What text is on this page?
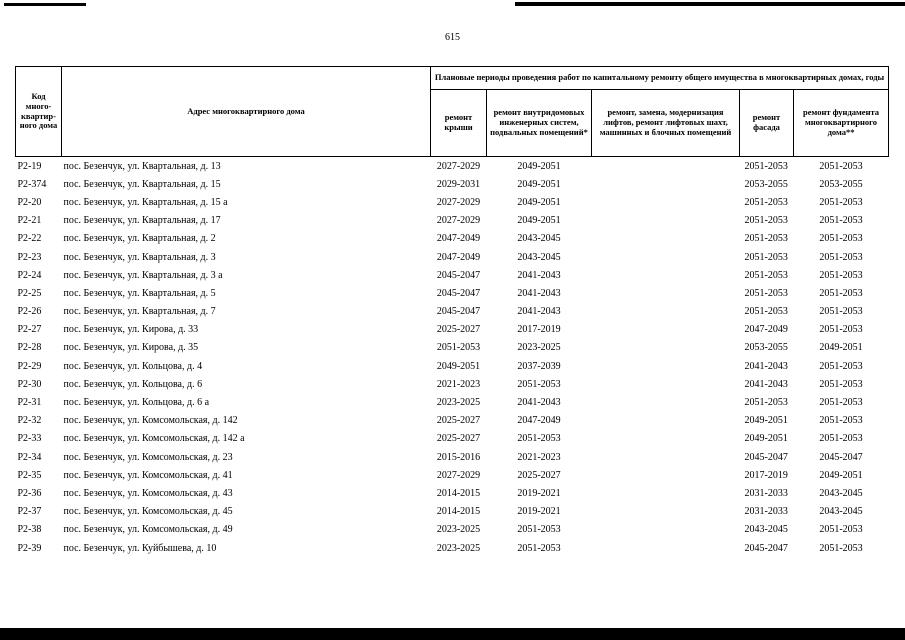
615
Код много-квартир-ного дома	Адрес многоквартирного дома	Плановые периоды проведения работ по капитальному ремонту общего имущества в многоквартирных домах, годы				
		ремонт крыши	ремонт внутридомовых инженерных систем, подвальных помещений*	ремонт, замена, модернизация лифтов, ремонт лифтовых шахт, машинных и блочных помещений	ремонт фасада	ремонт фундамента многоквартирного дома**
P2-19	пос. Безенчук, ул. Квартальная, д. 13	2027-2029	2049-2051		2051-2053	2051-2053
P2-374	пос. Безенчук, ул. Квартальная, д. 15	2029-2031	2049-2051		2053-2055	2053-2055
P2-20	пос. Безенчук, ул. Квартальная, д. 15 а	2027-2029	2049-2051		2051-2053	2051-2053
P2-21	пос. Безенчук, ул. Квартальная, д. 17	2027-2029	2049-2051		2051-2053	2051-2053
P2-22	пос. Безенчук, ул. Квартальная, д. 2	2047-2049	2043-2045		2051-2053	2051-2053
P2-23	пос. Безенчук, ул. Квартальная, д. 3	2047-2049	2043-2045		2051-2053	2051-2053
P2-24	пос. Безенчук, ул. Квартальная, д. 3 а	2045-2047	2041-2043		2051-2053	2051-2053
P2-25	пос. Безенчук, ул. Квартальная, д. 5	2045-2047	2041-2043		2051-2053	2051-2053
P2-26	пос. Безенчук, ул. Квартальная, д. 7	2045-2047	2041-2043		2051-2053	2051-2053
P2-27	пос. Безенчук, ул. Кирова, д. 33	2025-2027	2017-2019		2047-2049	2051-2053
P2-28	пос. Безенчук, ул. Кирова, д. 35	2051-2053	2023-2025		2053-2055	2049-2051
P2-29	пос. Безенчук, ул. Кольцова, д. 4	2049-2051	2037-2039		2041-2043	2051-2053
P2-30	пос. Безенчук, ул. Кольцова, д. 6	2021-2023	2051-2053		2041-2043	2051-2053
P2-31	пос. Безенчук, ул. Кольцова, д. 6 а	2023-2025	2041-2043		2051-2053	2051-2053
P2-32	пос. Безенчук, ул. Комсомольская, д. 142	2025-2027	2047-2049		2049-2051	2051-2053
P2-33	пос. Безенчук, ул. Комсомольская, д. 142 а	2025-2027	2051-2053		2049-2051	2051-2053
P2-34	пос. Безенчук, ул. Комсомольская, д. 23	2015-2016	2021-2023		2045-2047	2045-2047
P2-35	пос. Безенчук, ул. Комсомольская, д. 41	2027-2029	2025-2027		2017-2019	2049-2051
P2-36	пос. Безенчук, ул. Комсомольская, д. 43	2014-2015	2019-2021		2031-2033	2043-2045
P2-37	пос. Безенчук, ул. Комсомольская, д. 45	2014-2015	2019-2021		2031-2033	2043-2045
P2-38	пос. Безенчук, ул. Комсомольская, д. 49	2023-2025	2051-2053		2043-2045	2051-2053
P2-39	пос. Безенчук, ул. Куйбышева, д. 10	2023-2025	2051-2053		2045-2047	2051-2053
